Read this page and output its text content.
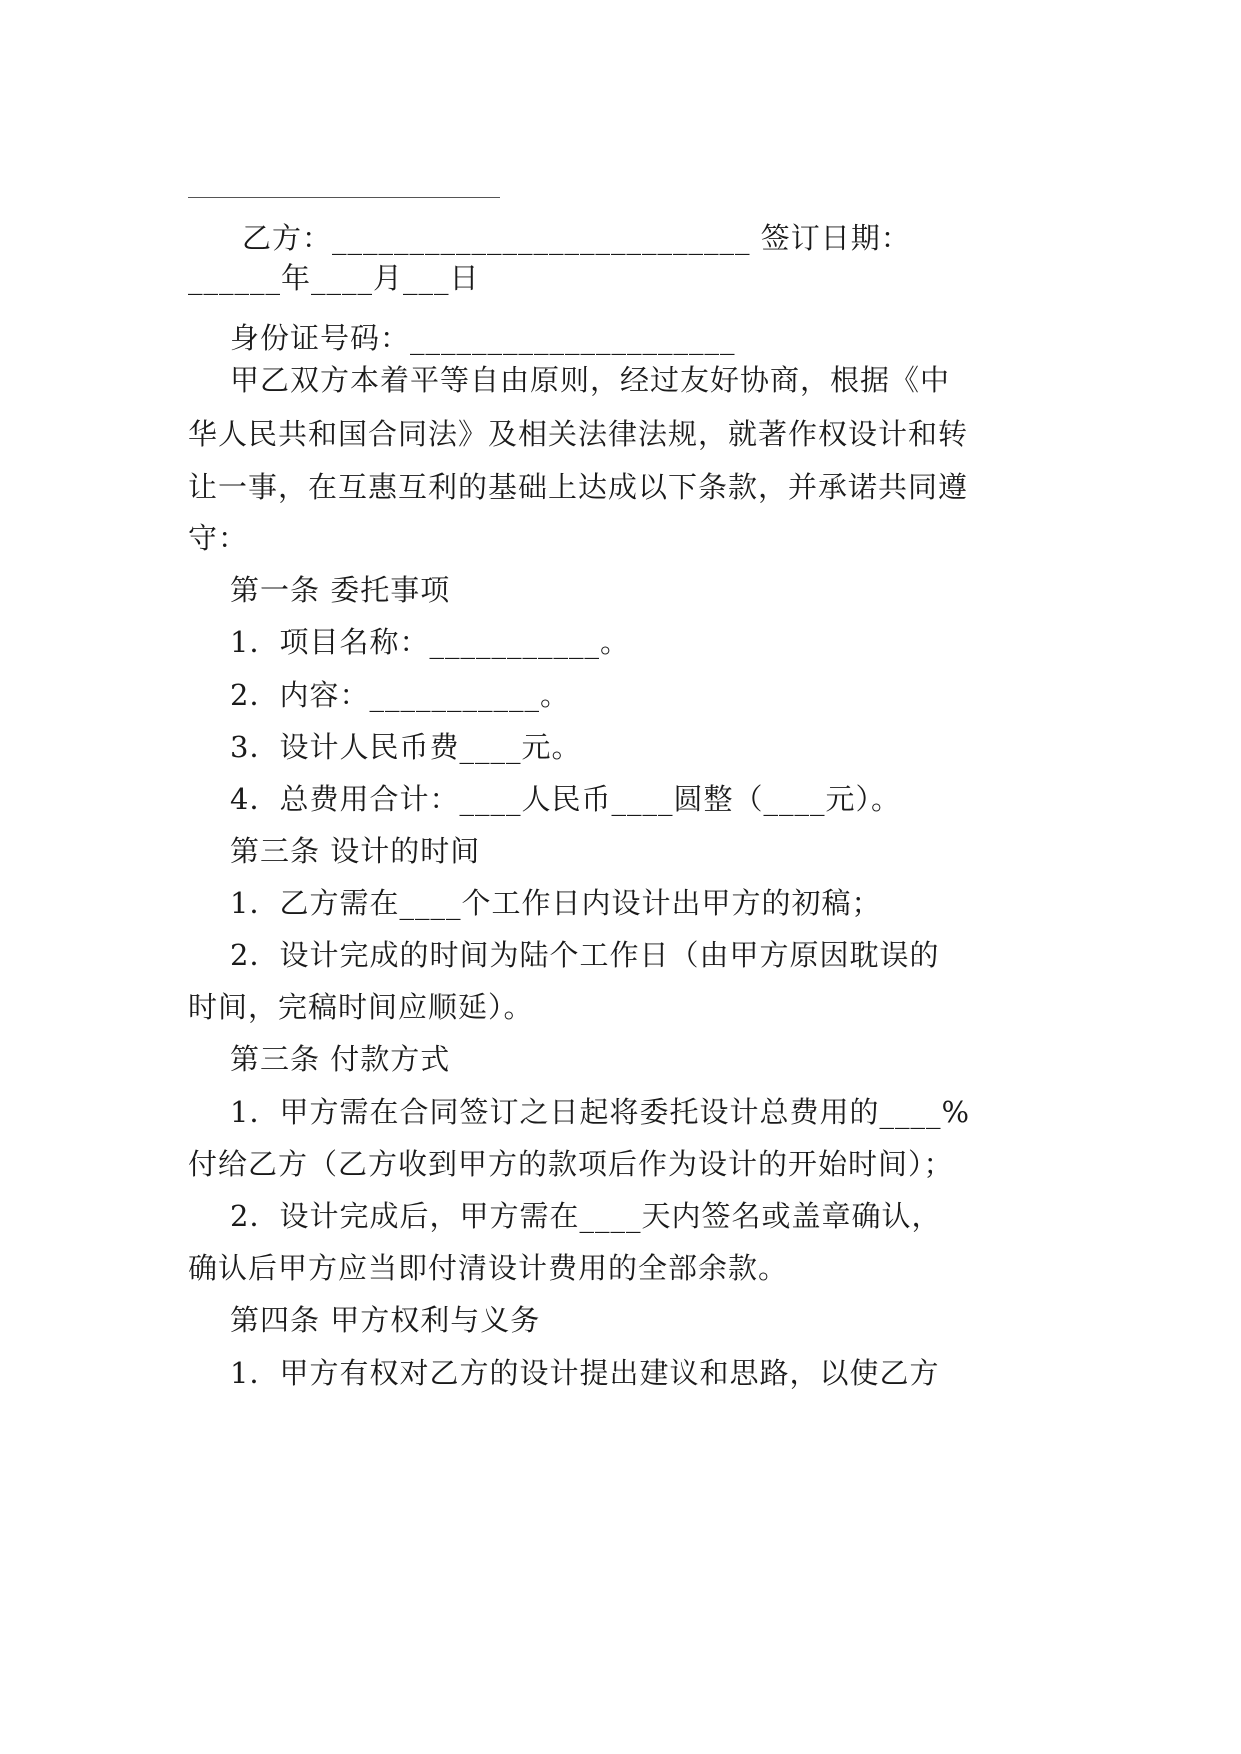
乙方：___________________________ 签订日期：
______年____月___日
身份证号码：_____________________
甲乙双方本着平等自由原则，经过友好协商，根据《中
华人民共和国合同法》及相关法律法规，就著作权设计和转
让一事，在互惠互利的基础上达成以下条款，并承诺共同遵
守：
第一条 委托事项
1．项目名称：___________。
2．内容：___________。
3．设计人民币费____元。
4．总费用合计：____人民币____圆整（____元）。
第三条 设计的时间
1．乙方需在____个工作日内设计出甲方的初稿；
2．设计完成的时间为陆个工作日（由甲方原因耽误的
时间，完稿时间应顺延）。
第三条 付款方式
1．甲方需在合同签订之日起将委托设计总费用的____%
付给乙方（乙方收到甲方的款项后作为设计的开始时间）；
2．设计完成后，甲方需在____天内签名或盖章确认，
确认后甲方应当即付清设计费用的全部余款。
第四条 甲方权利与义务
1．甲方有权对乙方的设计提出建议和思路，以使乙方
